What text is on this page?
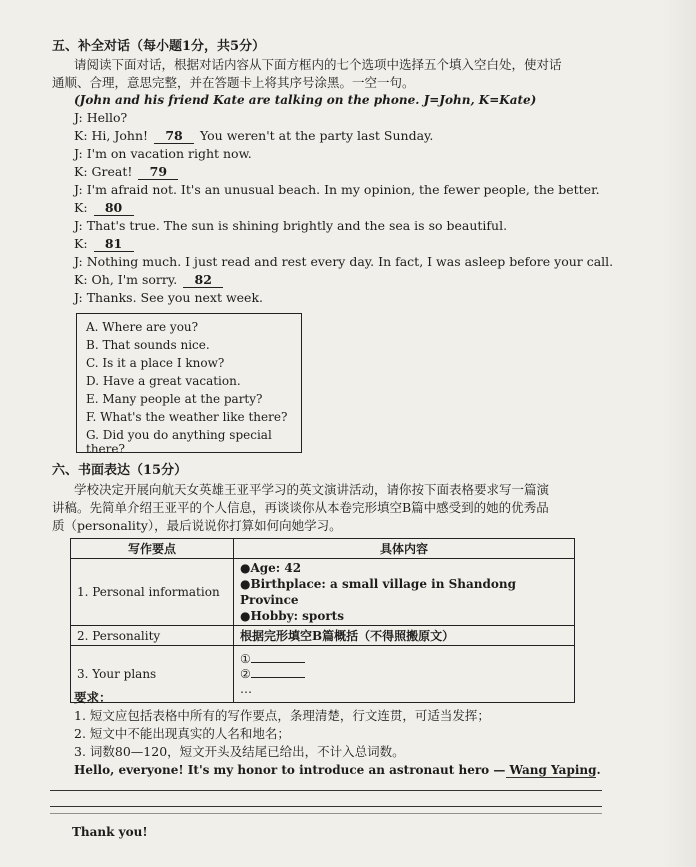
五、补全对话（每小题1分，共5分）
请阅读下面对话，根据对话内容从下面方框内的七个选项中选择五个填入空白处，使对话
通顺、合理，意思完整，并在答题卡上将其序号涂黑。一空一句。
(John and his friend Kate are talking on the phone. J=John, K=Kate)
J: Hello?
K: Hi, John! 78 You weren't at the party last Sunday.
J: I'm on vacation right now.
K: Great! 79
J: I'm afraid not. It's an unusual beach. In my opinion, the fewer people, the better.
K: 80
J: That's true. The sun is shining brightly and the sea is so beautiful.
K: 81
J: Nothing much. I just read and rest every day. In fact, I was asleep before your call.
K: Oh, I'm sorry. 82
J: Thanks. See you next week.
A. Where are you?
B. That sounds nice.
C. Is it a place I know?
D. Have a great vacation.
E. Many people at the party?
F. What's the weather like there?
G. Did you do anything special there?
六、书面表达（15分）
学校决定开展向航天女英雄王亚平学习的英文演讲活动，请你按下面表格要求写一篇演
讲稿。先简单介绍王亚平的个人信息，再谈谈你从本卷完形填空B篇中感受到的她的优秀品
质（personality），最后说说你打算如何向她学习。
写作要点	具体内容
1. Personal information	●Age: 42
●Birthplace: a small village in Shandong Province
●Hobby: sports

2. Personality	根据完形填空B篇概括（不得照搬原文）
3. Your plans	①
②
…
要求：
1. 短文应包括表格中所有的写作要点，条理清楚，行文连贯，可适当发挥；
2. 短文中不能出现真实的人名和地名；
3. 词数80—120，短文开头及结尾已给出，不计入总词数。
Hello, everyone! It's my honor to introduce an astronaut hero — Wang Yaping.
Thank you!
